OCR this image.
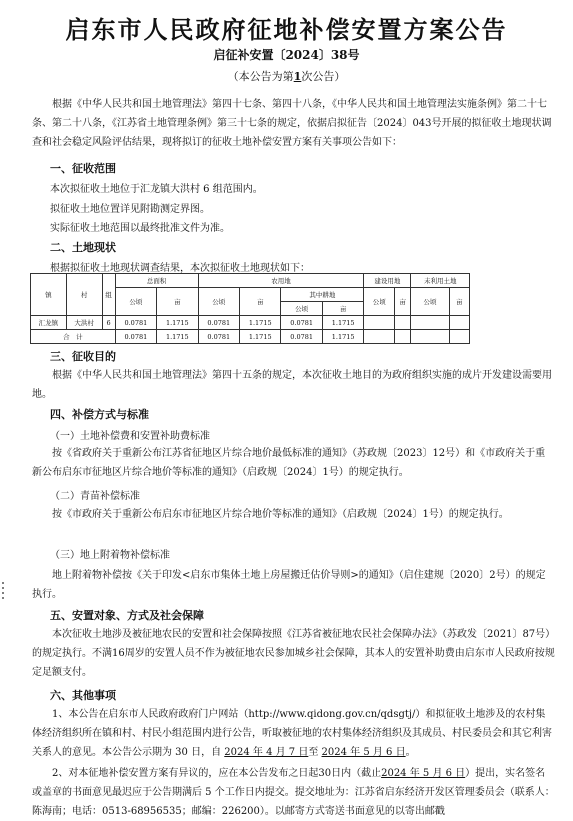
启东市人民政府征地补偿安置方案公告
启征补安置〔2024〕38号
（本公告为第1次公告）
根据《中华人民共和国土地管理法》第四十七条、第四十八条，《中华人民共和国土地管理法实施条例》第二十七条、第二十八条，《江苏省土地管理条例》第三十七条的规定，依据启拟征告〔2024〕043号开展的拟征收土地现状调查和社会稳定风险评估结果，现将拟订的征收土地补偿安置方案有关事项公告如下：
一、征收范围
本次拟征收土地位于汇龙镇大洪村 6 组范围内。
拟征收土地位置详见附勘测定界图。
实际征收土地范围以最终批准文件为准。
二、土地现状
根据拟征收土地现状调查结果，本次拟征收土地现状如下：
镇	村	组	总面积		农用地				建设用地		未利用土地	
			公顷	亩	公顷	亩	其中耕地		公顷	亩	公顷	亩
							公顷	亩				
汇龙镇	大洪村	6	0.0781	1.1715	0.0781	1.1715	0.0781	1.1715				
合　计			0.0781	1.1715	0.0781	1.1715	0.0781	1.1715				
三、征收目的
根据《中华人民共和国土地管理法》第四十五条的规定，本次征收土地目的为政府组织实施的成片开发建设需要用地。
四、补偿方式与标准
（一）土地补偿费和安置补助费标准
按《省政府关于重新公布江苏省征地区片综合地价最低标准的通知》（苏政规〔2023〕12号）和《市政府关于重新公布启东市征地区片综合地价等标准的通知》（启政规〔2024〕1号）的规定执行。
（二）青苗补偿标准
按《市政府关于重新公布启东市征地区片综合地价等标准的通知》（启政规〔2024〕1号）的规定执行。
（三）地上附着物补偿标准
地上附着物补偿按《关于印发<启东市集体土地上房屋搬迁估价导则>的通知》（启住建规〔2020〕2号）的规定执行。
五、安置对象、方式及社会保障
本次征收土地涉及被征地农民的安置和社会保障按照《江苏省被征地农民社会保障办法》（苏政发〔2021〕87号）的规定执行。不满16周岁的安置人员不作为被征地农民参加城乡社会保障，其本人的安置补助费由启东市人民政府按规定足额支付。
六、其他事项
1、本公告在启东市人民政府政府门户网站（http://www.qidong.gov.cn/qdsgtj/）和拟征收土地涉及的农村集体经济组织所在镇和村、村民小组范围内进行公告，听取被征地的农村集体经济组织及其成员、村民委员会和其它利害关系人的意见。本公告公示期为 30 日，自 2024 年 4 月 7 日至 2024 年 5 月 6 日。
2、对本征地补偿安置方案有异议的，应在本公告发布之日起30日内（截止2024 年 5 月 6 日）提出，实名签名或盖章的书面意见最迟应于公告期满后 5 个工作日内提交。提交地址为：江苏省启东经济开发区管理委员会（联系人：陈海南；电话：0513-68956535；邮编：226200）。以邮寄方式寄送书面意见的以寄出邮戳
